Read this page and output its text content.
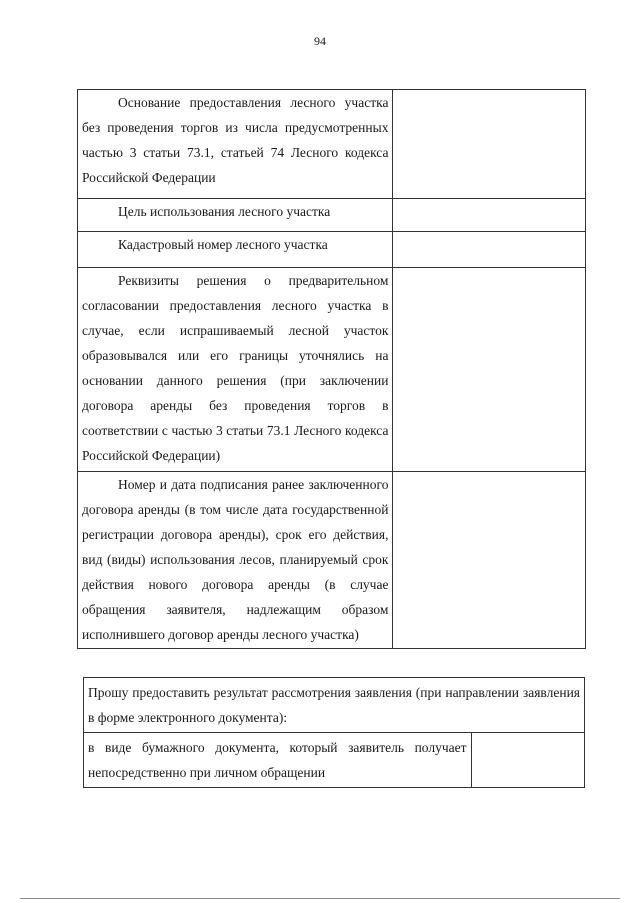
94
Основание предоставления лесного участка без проведения торгов из числа предусмотренных частью 3 статьи 73.1, статьей 74 Лесного кодекса Российской Федерации	

Цель использования лесного участка	

Кадастровый номер лесного участка	

Реквизиты решения о предварительном согласовании предоставления лесного участка в случае, если испрашиваемый лесной участок образовывался или его границы уточнялись на основании данного решения (при заключении договора аренды без проведения торгов в соответствии с частью 3 статьи 73.1 Лесного кодекса Российской Федерации)	

Номер и дата подписания ранее заключенного договора аренды (в том числе дата государственной регистрации договора аренды), срок его действия, вид (виды) использования лесов, планируемый срок действия нового договора аренды (в случае обращения заявителя, надлежащим образом исполнившего договор аренды лесного участка)	

Прошу предоставить результат рассмотрения заявления (при направлении заявления в форме электронного документа):
в виде бумажного документа, который заявитель получает непосредственно при личном обращении	
